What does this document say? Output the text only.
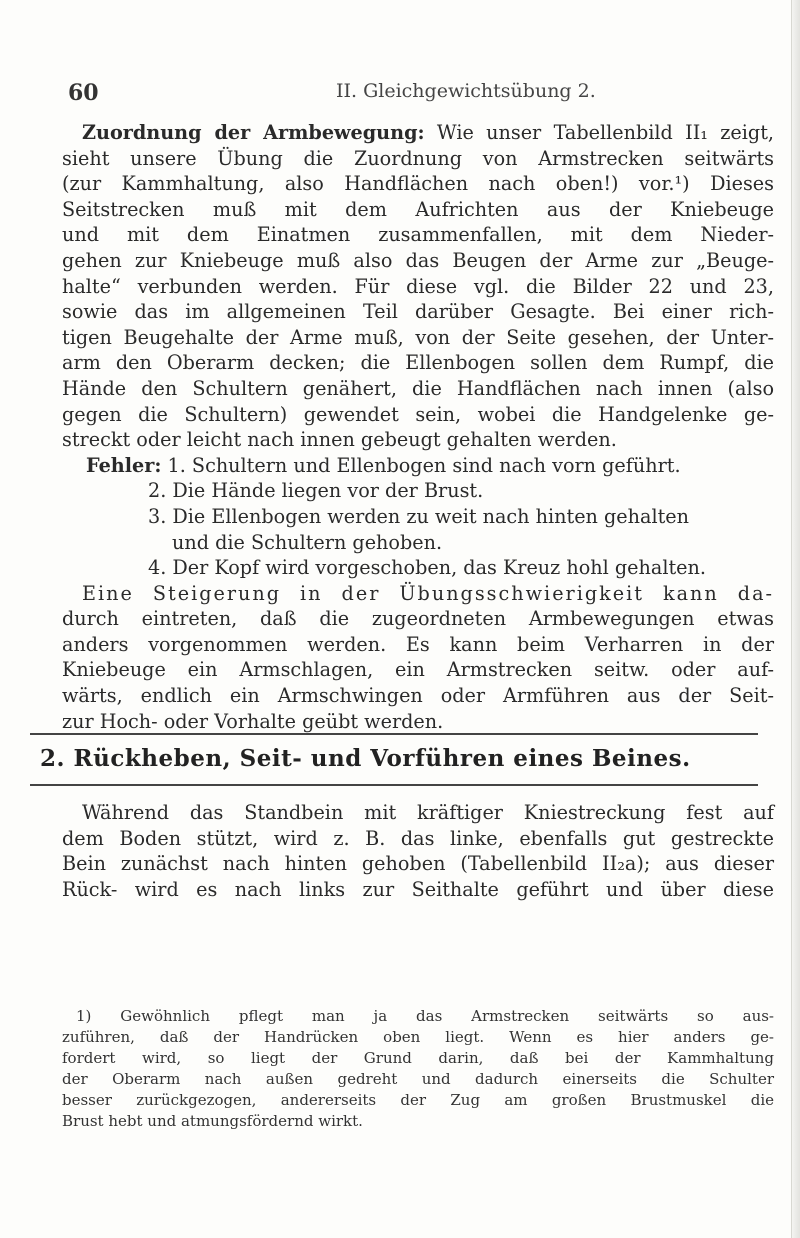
60	II. Gleichgewichtsübung 2.
Zuordnung der Armbewegung: Wie unser Tabellenbild II₁ zeigt,
sieht unsere Übung die Zuordnung von Armstrecken seitwärts
(zur Kammhaltung, also Handflächen nach oben!) vor.¹) Dieses
Seitstrecken muß mit dem Aufrichten aus der Kniebeuge
und mit dem Einatmen zusammenfallen, mit dem Nieder-
gehen zur Kniebeuge muß also das Beugen der Arme zur „Beuge-
halte“ verbunden werden. Für diese vgl. die Bilder 22 und 23,
sowie das im allgemeinen Teil darüber Gesagte. Bei einer rich-
tigen Beugehalte der Arme muß, von der Seite gesehen, der Unter-
arm den Oberarm decken; die Ellenbogen sollen dem Rumpf, die
Hände den Schultern genähert, die Handflächen nach innen (also
gegen die Schultern) gewendet sein, wobei die Handgelenke ge-
streckt oder leicht nach innen gebeugt gehalten werden.
Fehler: 1. Schultern und Ellenbogen sind nach vorn geführt.
2. Die Hände liegen vor der Brust.
3. Die Ellenbogen werden zu weit nach hinten gehalten
und die Schultern gehoben.
4. Der Kopf wird vorgeschoben, das Kreuz hohl gehalten.
Eine Steigerung in der Übungsschwierigkeit kann da-
durch eintreten, daß die zugeordneten Armbewegungen etwas
anders vorgenommen werden. Es kann beim Verharren in der
Kniebeuge ein Armschlagen, ein Armstrecken seitw. oder auf-
wärts, endlich ein Armschwingen oder Armführen aus der Seit-
zur Hoch- oder Vorhalte geübt werden.
2. Rückheben, Seit- und Vorführen eines Beines.
Während das Standbein mit kräftiger Kniestreckung fest auf
dem Boden stützt, wird z. B. das linke, ebenfalls gut gestreckte
Bein zunächst nach hinten gehoben (Tabellenbild II₂a); aus dieser
Rück- wird es nach links zur Seithalte geführt und über diese
1) Gewöhnlich pflegt man ja das Armstrecken seitwärts so aus-
zuführen, daß der Handrücken oben liegt. Wenn es hier anders ge-
fordert wird, so liegt der Grund darin, daß bei der Kammhaltung
der Oberarm nach außen gedreht und dadurch einerseits die Schulter
besser zurückgezogen, andererseits der Zug am großen Brustmuskel die
Brust hebt und atmungsfördernd wirkt.
